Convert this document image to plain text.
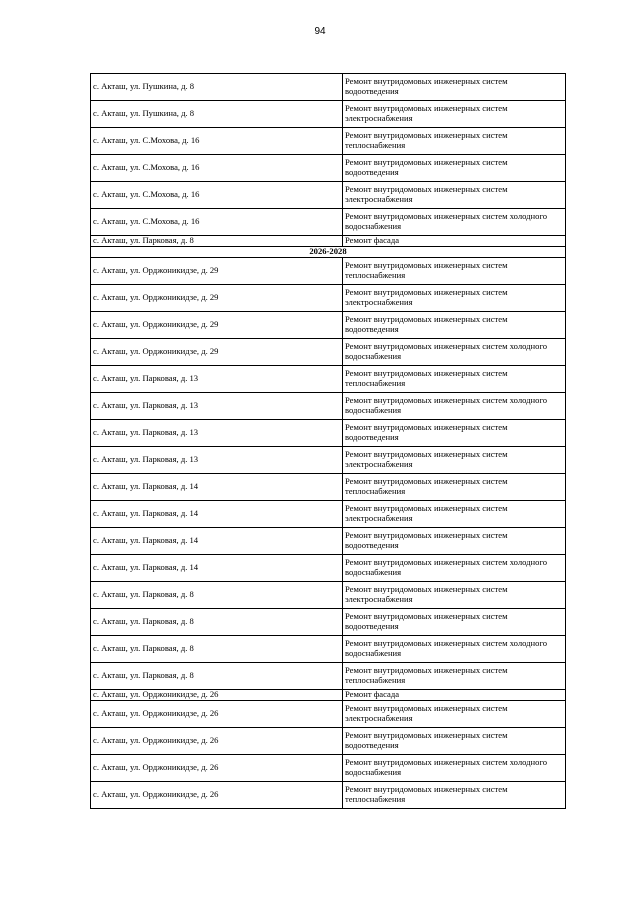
94
с. Акташ, ул. Пушкина, д. 8	Ремонт внутридомовых инженерных систем водоотведения
с. Акташ, ул. Пушкина, д. 8	Ремонт внутридомовых инженерных систем электроснабжения
с. Акташ, ул. С.Мохова, д. 16	Ремонт внутридомовых инженерных систем теплоснабжения
с. Акташ, ул. С.Мохова, д. 16	Ремонт внутридомовых инженерных систем водоотведения
с. Акташ, ул. С.Мохова, д. 16	Ремонт внутридомовых инженерных систем электроснабжения
с. Акташ, ул. С.Мохова, д. 16	Ремонт внутридомовых инженерных систем холодного водоснабжения
с. Акташ, ул. Парковая, д. 8	Ремонт фасада
2026-2028	
с. Акташ, ул. Орджоникидзе, д. 29	Ремонт внутридомовых инженерных систем теплоснабжения
с. Акташ, ул. Орджоникидзе, д. 29	Ремонт внутридомовых инженерных систем электроснабжения
с. Акташ, ул. Орджоникидзе, д. 29	Ремонт внутридомовых инженерных систем водоотведения
с. Акташ, ул. Орджоникидзе, д. 29	Ремонт внутридомовых инженерных систем холодного водоснабжения
с. Акташ, ул. Парковая, д. 13	Ремонт внутридомовых инженерных систем теплоснабжения
с. Акташ, ул. Парковая, д. 13	Ремонт внутридомовых инженерных систем холодного водоснабжения
с. Акташ, ул. Парковая, д. 13	Ремонт внутридомовых инженерных систем водоотведения
с. Акташ, ул. Парковая, д. 13	Ремонт внутридомовых инженерных систем электроснабжения
с. Акташ, ул. Парковая, д. 14	Ремонт внутридомовых инженерных систем теплоснабжения
с. Акташ, ул. Парковая, д. 14	Ремонт внутридомовых инженерных систем электроснабжения
с. Акташ, ул. Парковая, д. 14	Ремонт внутридомовых инженерных систем водоотведения
с. Акташ, ул. Парковая, д. 14	Ремонт внутридомовых инженерных систем холодного водоснабжения
с. Акташ, ул. Парковая, д. 8	Ремонт внутридомовых инженерных систем электроснабжения
с. Акташ, ул. Парковая, д. 8	Ремонт внутридомовых инженерных систем водоотведения
с. Акташ, ул. Парковая, д. 8	Ремонт внутридомовых инженерных систем холодного водоснабжения
с. Акташ, ул. Парковая, д. 8	Ремонт внутридомовых инженерных систем теплоснабжения
с. Акташ, ул. Орджоникидзе, д. 26	Ремонт фасада
с. Акташ, ул. Орджоникидзе, д. 26	Ремонт внутридомовых инженерных систем электроснабжения
с. Акташ, ул. Орджоникидзе, д. 26	Ремонт внутридомовых инженерных систем водоотведения
с. Акташ, ул. Орджоникидзе, д. 26	Ремонт внутридомовых инженерных систем холодного водоснабжения
с. Акташ, ул. Орджоникидзе, д. 26	Ремонт внутридомовых инженерных систем теплоснабжения
